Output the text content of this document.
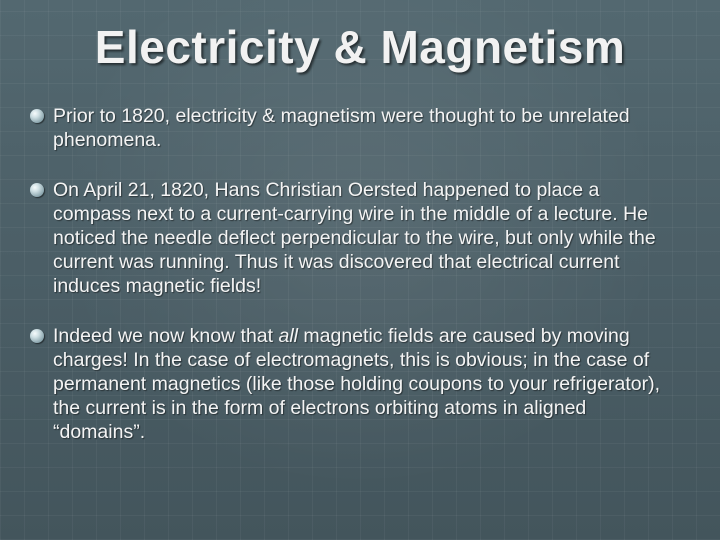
Electricity & Magnetism
Prior to 1820, electricity & magnetism were thought to be unrelated phenomena.
On April 21, 1820, Hans Christian Oersted happened to place a compass next to a current-carrying wire in the middle of a lecture. He noticed the needle deflect perpendicular to the wire, but only while the current was running. Thus it was discovered that electrical current induces magnetic fields!
Indeed we now know that all magnetic fields are caused by moving charges! In the case of electromagnets, this is obvious; in the case of permanent magnetics (like those holding coupons to your refrigerator), the current is in the form of electrons orbiting atoms in aligned “domains”.
